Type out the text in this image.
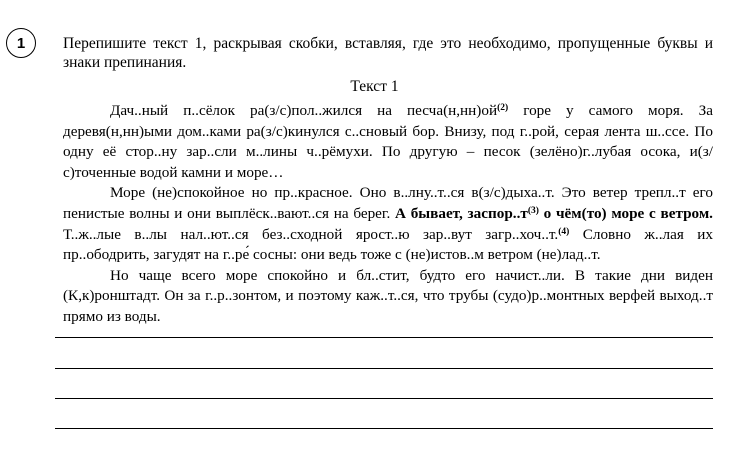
1 Перепишите текст 1, раскрывая скобки, вставляя, где это необходимо, пропущенные буквы и знаки препинания.

Текст 1

Дач..ный п..сёлок ра(з/с)пол..жился на $песча(н,нн)ой^{(2)}$ горе у самого моря. За деревя(н,нн)ыми дом..ками ра(з/с)кинулся с..сновый бор. Внизу, под г..рой, серая лента ш..ссе. По одну её стор..ну зар..сли м..лины ч..рёмухи. По другую – песок (зелёно)г..лубая осока, и(з/с)точенные водой камни и море…

Море (не)спокойное но пр..красное. Оно в..лну..т..ся в(з/с)дыха..т. Это ветер трепл..т его пенистые волны и они выплёск..вают..ся на берег. А бывает, $заспор..т^{(3)}$ о чём(то) море с ветром. Т..ж..лые в..лы нал..ют..ся без..сходной ярост..ю зар..вут загр..хоч..т.$^{(4)}$ Словно ж..лая их пр..ободрить, загудят на г..ре́ сосны: они ведь тоже с (не)истов..м ветром (не)лад..т.

Но чаще всего море спокойно и бл..стит, будто его начист..ли. В такие дни виден (К,к)ронштадт. Он за г..р..зонтом, и поэтому каж..т..ся, что трубы (судо)р..монтных верфей выход..т прямо из воды.
